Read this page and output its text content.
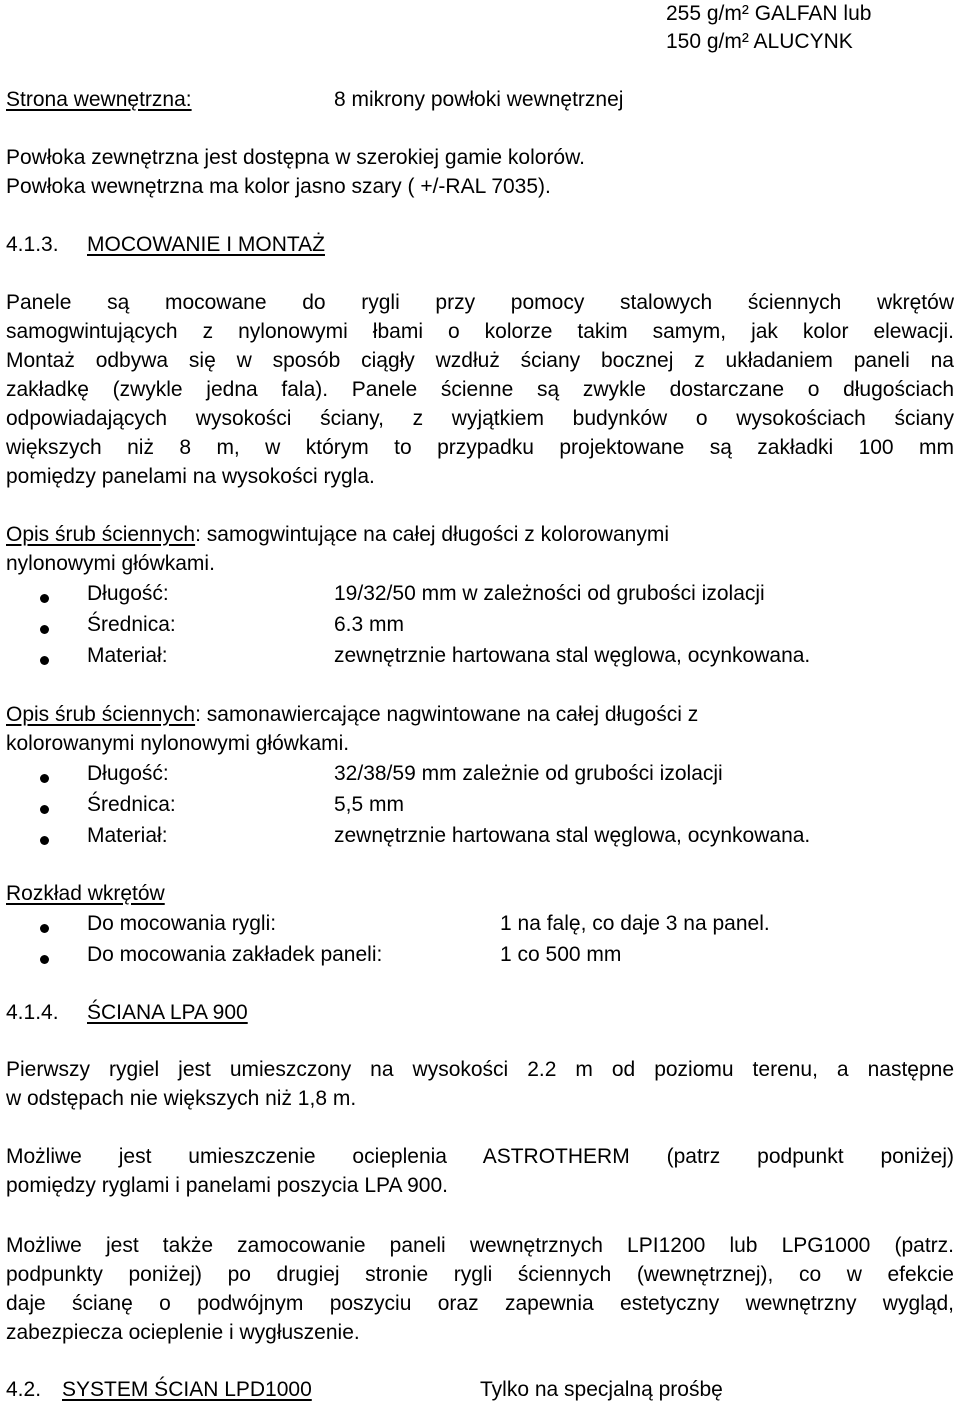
255 g/m² GALFAN lub
150 g/m² ALUCYNK
Strona wewnętrzna:	8 mikrony powłoki wewnętrznej
Powłoka zewnętrzna jest dostępna w szerokiej gamie kolorów.
Powłoka wewnętrzna ma kolor jasno szary ( +/-RAL 7035).
4.1.3. MOCOWANIE I MONTAŻ
Panele są mocowane do rygli przy pomocy stalowych ściennych wkrętów
samogwintujących z nylonowymi łbami o kolorze takim samym, jak kolor elewacji.
Montaż odbywa się w sposób ciągły wzdłuż ściany bocznej z układaniem paneli na
zakładkę (zwykle jedna fala). Panele ścienne są zwykle dostarczane o długościach
odpowiadających wysokości ściany, z wyjątkiem budynków o wysokościach ściany
większych niż 8 m, w którym to przypadku projektowane są zakładki 100 mm
pomiędzy panelami na wysokości rygla.
Opis śrub ściennych: samogwintujące na całej długości z kolorowanymi
nylonowymi główkami.
Długość:	19/32/50 mm w zależności od grubości izolacji
Średnica:	6.3 mm
Materiał:	zewnętrznie hartowana stal węglowa, ocynkowana.
Opis śrub ściennych: samonawiercające nagwintowane na całej długości z
kolorowanymi nylonowymi główkami.
Długość:	32/38/59 mm zależnie od grubości izolacji
Średnica:	5,5 mm
Materiał:	zewnętrznie hartowana stal węglowa, ocynkowana.
Rozkład wkrętów
Do mocowania rygli:	1 na falę, co daje 3 na panel.
Do mocowania zakładek paneli:	1 co 500 mm
4.1.4. ŚCIANA LPA 900
Pierwszy rygiel jest umieszczony na wysokości 2.2 m od poziomu terenu, a następne
w odstępach nie większych niż 1,8 m.
Możliwe jest umieszczenie ocieplenia ASTROTHERM (patrz podpunkt poniżej)
pomiędzy ryglami i panelami poszycia LPA 900.
Możliwe jest także zamocowanie paneli wewnętrznych LPI1200 lub LPG1000 (patrz.
podpunkty poniżej) po drugiej stronie rygli ściennych (wewnętrznej), co w efekcie
daje ścianę o podwójnym poszyciu oraz zapewnia estetyczny wewnętrzny wygląd,
zabezpiecza ocieplenie i wygłuszenie.
4.2. SYSTEM ŚCIAN LPD1000	Tylko na specjalną prośbę
